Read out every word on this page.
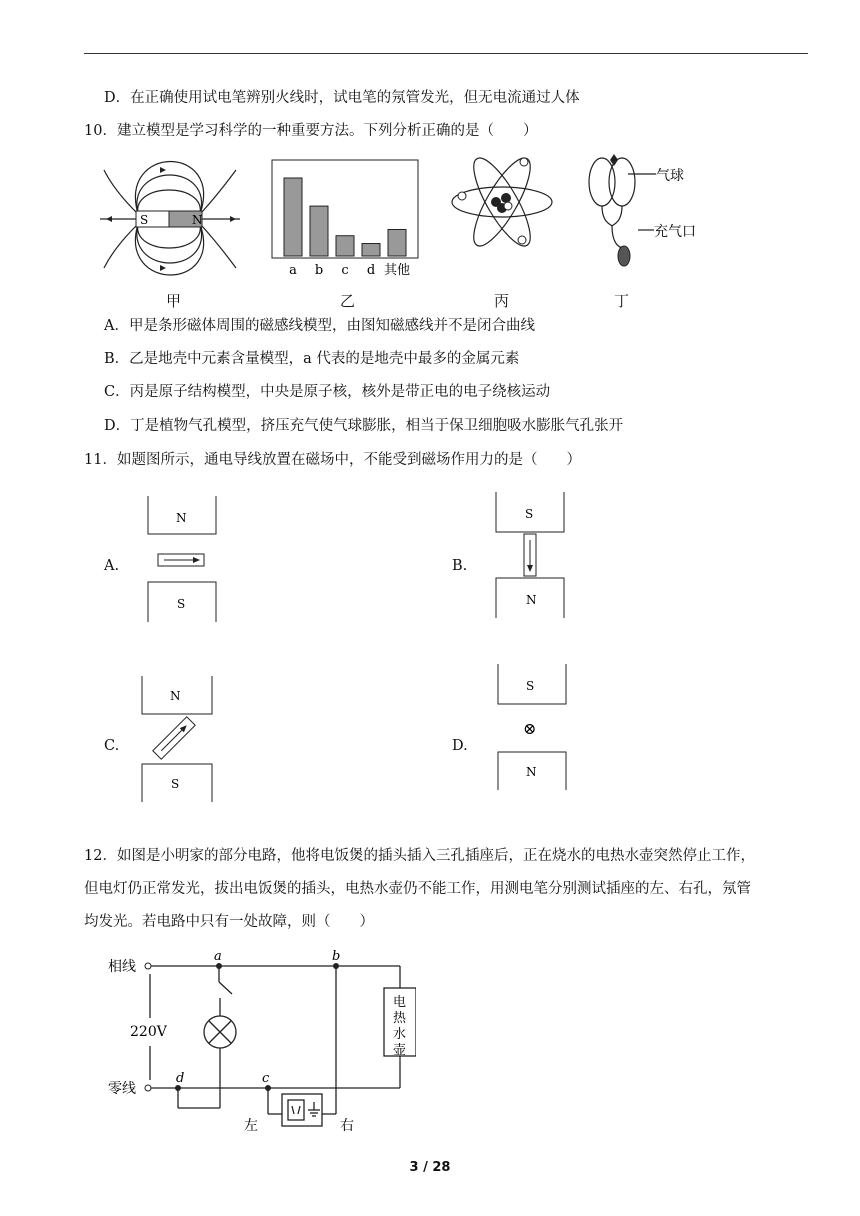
D．在正确使用试电笔辨别火线时，试电笔的氖管发光，但无电流通过人体
10．建立模型是学习科学的一种重要方法。下列分析正确的是（　　）
S	N
甲
a b c d 其他
乙	丙
气球
充气口
丁
A．甲是条形磁体周围的磁感线模型，由图知磁感线并不是闭合曲线
B．乙是地壳中元素含量模型，a 代表的是地壳中最多的金属元素
C．丙是原子结构模型，中央是原子核，核外是带正电的电子绕核运动
D．丁是植物气孔模型，挤压充气使气球膨胀，相当于保卫细胞吸水膨胀气孔张开
11．如题图所示，通电导线放置在磁场中，不能受到磁场作用力的是（　　）
A.
N
S
B.
S
N
C.
N
S
D.
S
⊗
N
12．如图是小明家的部分电路，他将电饭煲的插头插入三孔插座后，正在烧水的电热水壶突然停止工作，
但电灯仍正常发光，拔出电饭煲的插头，电热水壶仍不能工作，用测电笔分别测试插座的左、右孔，氖管
均发光。若电路中只有一处故障，则（　　）
相线
零线
220V
a	b
c
d
电
热
水
壶
左	右
3 / 28
